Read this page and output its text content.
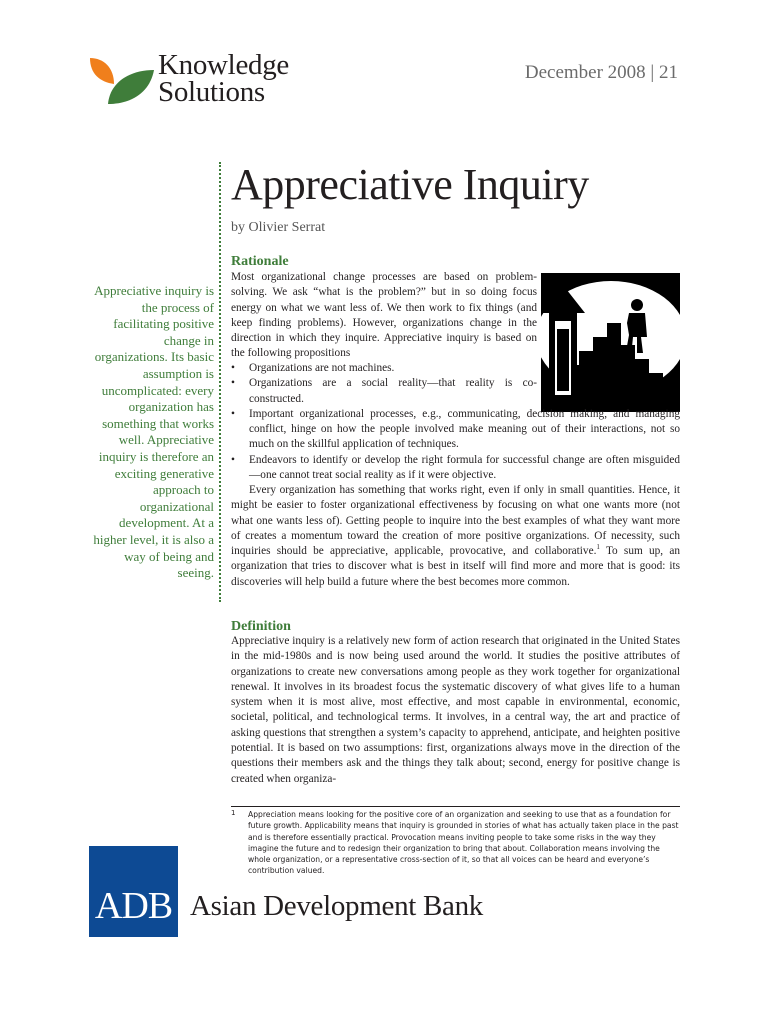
Knowledge
Solutions
December 2008 | 21
Appreciative Inquiry
by Olivier Serrat
Appreciative inquiry is the process of facilitating positive change in organizations. Its basic assumption is uncomplicated: every organization has something that works well. Appreciative inquiry is therefore an exciting generative approach to organizational development. At a higher level, it is also a way of being and seeing.
Rationale
Most organizational change processes are based on problem-solving. We ask “what is the problem?” but in so doing focus energy on what we want less of. We then work to fix things (and keep finding problems). However, organizations change in the direction in which they inquire. Appreciative inquiry is based on the following propositions
• Organizations are not machines.
• Organizations are a social reality—that reality is co-constructed.
• Important organizational processes, e.g., communicating, decision making, and managing conflict, hinge on how the people involved make meaning out of their interactions, not so much on the skillful application of techniques.
• Endeavors to identify or develop the right formula for successful change are often misguided—one cannot treat social reality as if it were objective.
Every organization has something that works right, even if only in small quantities. Hence, it might be easier to foster organizational effectiveness by focusing on what one wants more (not what one wants less of). Getting people to inquire into the best examples of what they want more of creates a momentum toward the creation of more positive organizations. Of necessity, such inquiries should be appreciative, applicable, provocative, and collaborative.$^1$ To sum up, an organization that tries to discover what is best in itself will find more and more that is good: its discoveries will help build a future where the best becomes more common.
Definition
Appreciative inquiry is a relatively new form of action research that originated in the United States in the mid-1980s and is now being used around the world. It studies the positive attributes of organizations to create new conversations among people as they work together for organizational renewal. It involves in its broadest focus the systematic discovery of what gives life to a human system when it is most alive, most effective, and most capable in environmental, economic, societal, political, and technological terms. It involves, in a central way, the art and practice of asking questions that strengthen a system’s capacity to apprehend, anticipate, and heighten positive potential. It is based on two assumptions: first, organizations always move in the direction of the questions their members ask and the things they talk about; second, energy for positive change is created when organiza-
1 Appreciation means looking for the positive core of an organization and seeking to use that as a foundation for future growth. Applicability means that inquiry is grounded in stories of what has actually taken place in the past and is therefore essentially practical. Provocation means inviting people to take some risks in the way they imagine the future and to redesign their organization to bring that about. Collaboration means involving the whole organization, or a representative cross-section of it, so that all voices can be heard and everyone’s contribution valued.
ADB Asian Development Bank
